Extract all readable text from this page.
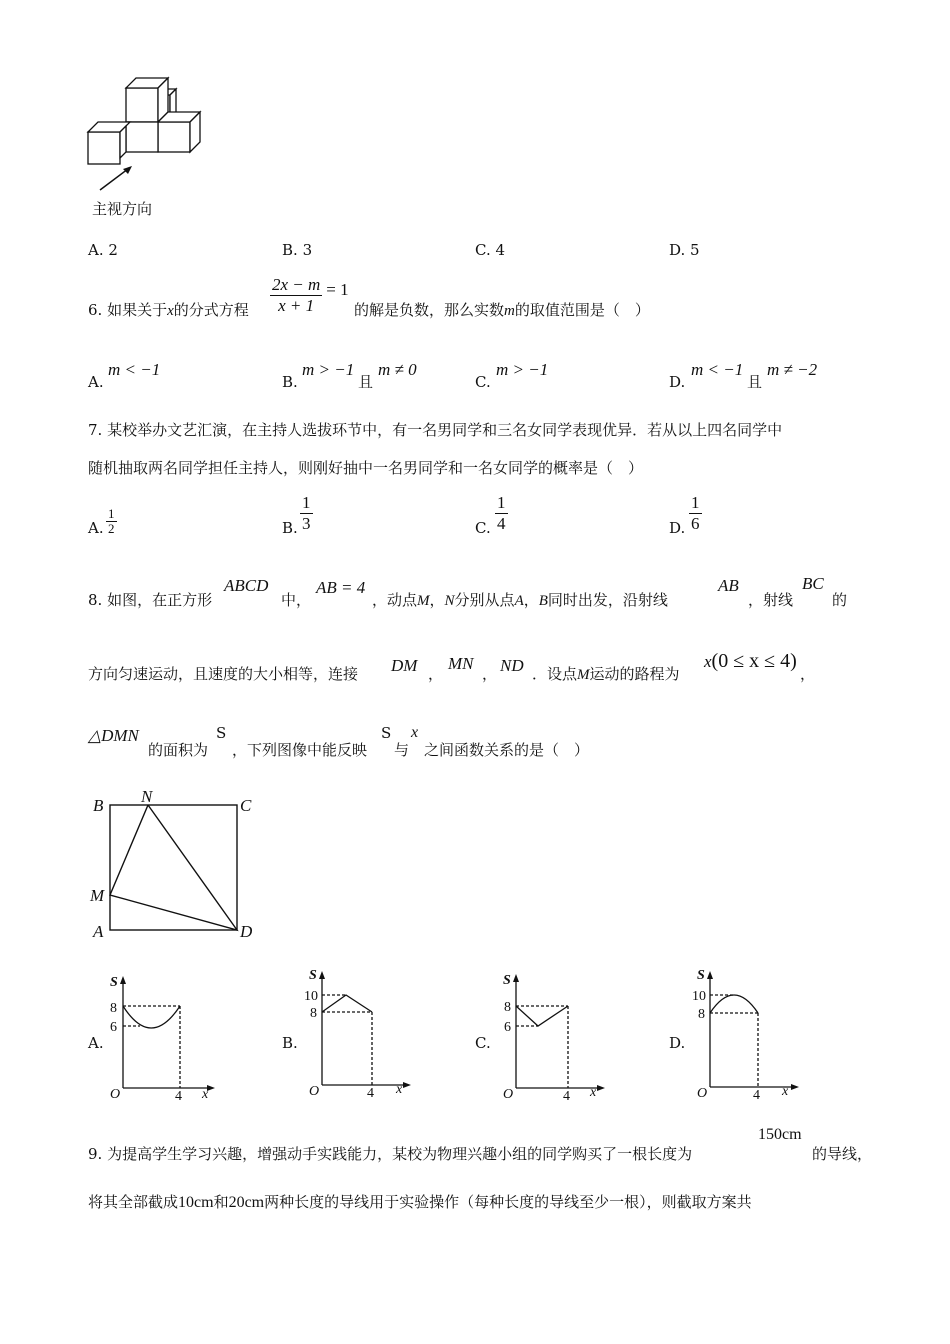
主视方向
A. 2	B. 3	C. 4	D. 5
6. 如果关于x的分式方程 $\frac{2x - m}{x + 1} = 1$
的解是负数，那么实数m的取值范围是（　）
A.
m < −1
B.
m > −1
且
m ≠ 0
C.
m > −1
D.
m < −1
且
m ≠ −2
7. 某校举办文艺汇演，在主持人选拔环节中，有一名男同学和三名女同学表现优异．若从以上四名同学中
随机抽取两名同学担任主持人，则刚好抽中一名男同学和一名女同学的概率是（　）
A.
1
2	B.
1
3	C.
1
4	D.
1
6
8. 如图，在正方形
ABCD
中，
AB = 4
，动点M，N分别从点A，B同时出发，沿射线
AB
，射线
BC
的
方向匀速运动，且速度的大小相等，连接 DM ，
MN
， ND ．设点M运动的路程为
x(0 ≤ x ≤ 4)
，
△DMN
的面积为
S
，下列图像中能反映
S
与
x
之间函数关系的是（　）
B N	C
M
A	D
A.
S
8
6
O	4 x
B.
S
10
8
O	4 x
C.
S
8
6
O	4 x
D.
S
10
8
O	4 x
9. 为提高学生学习兴趣，增强动手实践能力，某校为物理兴趣小组的同学购买了一根长度为
150cm
的导线，
将其全部截成10cm和20cm两种长度的导线用于实验操作（每种长度的导线至少一根），则截取方案共
